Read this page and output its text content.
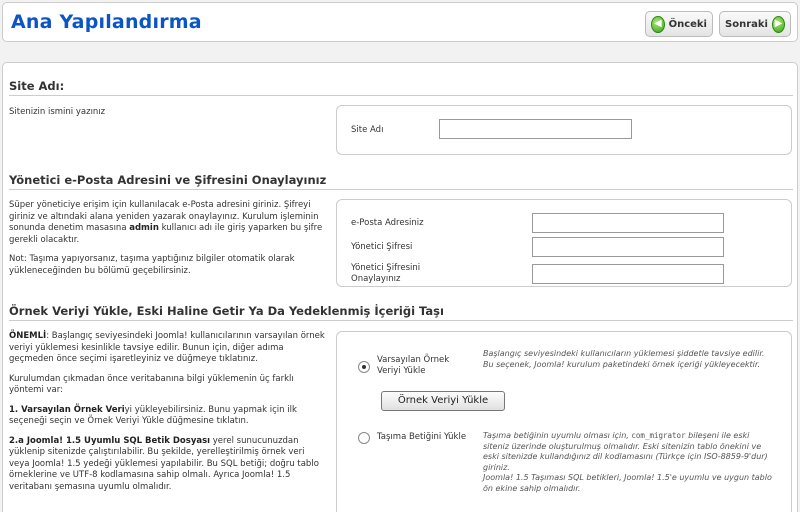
Ana Yapılandırma	◀ Önceki Sonraki ▶
Site Adı:
Sitenizin ismini yazınız
Site Adı
Yönetici e-Posta Adresini ve Şifresini Onaylayınız

Süper yöneticiye erişim için kullanılacak e-Posta adresini giriniz. Şifreyi giriniz ve altındaki alana yeniden yazarak onaylayınız. Kurulum işleminin sonunda denetim masasına admin kullanıcı adı ile giriş yaparken bu şifre gerekli olacaktır.

Not: Taşıma yapıyorsanız, taşıma yaptığınız bilgiler otomatik olarak yükleneceğinden bu bölümü geçebilirsiniz.

e-Posta Adresiniz
Yönetici Şifresi
Yönetici Şifresini Onaylayınız
Örnek Veriyi Yükle, Eski Haline Getir Ya Da Yedeklenmiş İçeriği Taşı

ÖNEMLİ: Başlangıç seviyesindeki Joomla! kullanıcılarının varsayılan örnek veriyi yüklemesi kesinlikle tavsiye edilir. Bunun için, diğer adıma geçmeden önce seçimi işaretleyiniz ve düğmeye tıklatınız.

Kurulumdan çıkmadan önce veritabanına bilgi yüklemenin üç farklı yöntemi var:

1. Varsayılan Örnek Veriyi yükleyebilirsiniz. Bunu yapmak için ilk seçeneği seçin ve Örnek Veriyi Yükle düğmesine tıklatın.

2.a Joomla! 1.5 Uyumlu SQL Betik Dosyası yerel sunucunuzdan yüklenip sitenizde çalıştırılabilir. Bu şekilde, yerelleştirilmiş örnek veri veya Joomla! 1.5 yedeği yüklemesi yapılabilir. Bu SQL betiği; doğru tablo örneklerine ve UTF-8 kodlamasına sahip olmalı. Ayrıca Joomla! 1.5 veritabanı şemasına uyumlu olmalıdır.

Varsayılan Örnek Veriyi Yükle
Başlangıç seviyesindeki kullanıcıların yüklemesi şiddetle tavsiye edilir. Bu seçenek, Joomla! kurulum paketindeki örnek içeriği yükleyecektir.
Örnek Veriyi Yükle
Taşıma Betiğini Yükle Taşıma betiğinin uyumlu olması için, com_migrator bileşeni ile eski siteniz üzerinde oluşturulmuş olmalıdır. Eski sitenizin tablo önekini ve eski sitenizde kullandığınız dil kodlamasını (Türkçe için ISO-8859-9'dur) giriniz.
Joomla! 1.5 Taşıması SQL betikleri, Joomla! 1.5'e uyumlu ve uygun tablo ön ekine sahip olmalıdır.
